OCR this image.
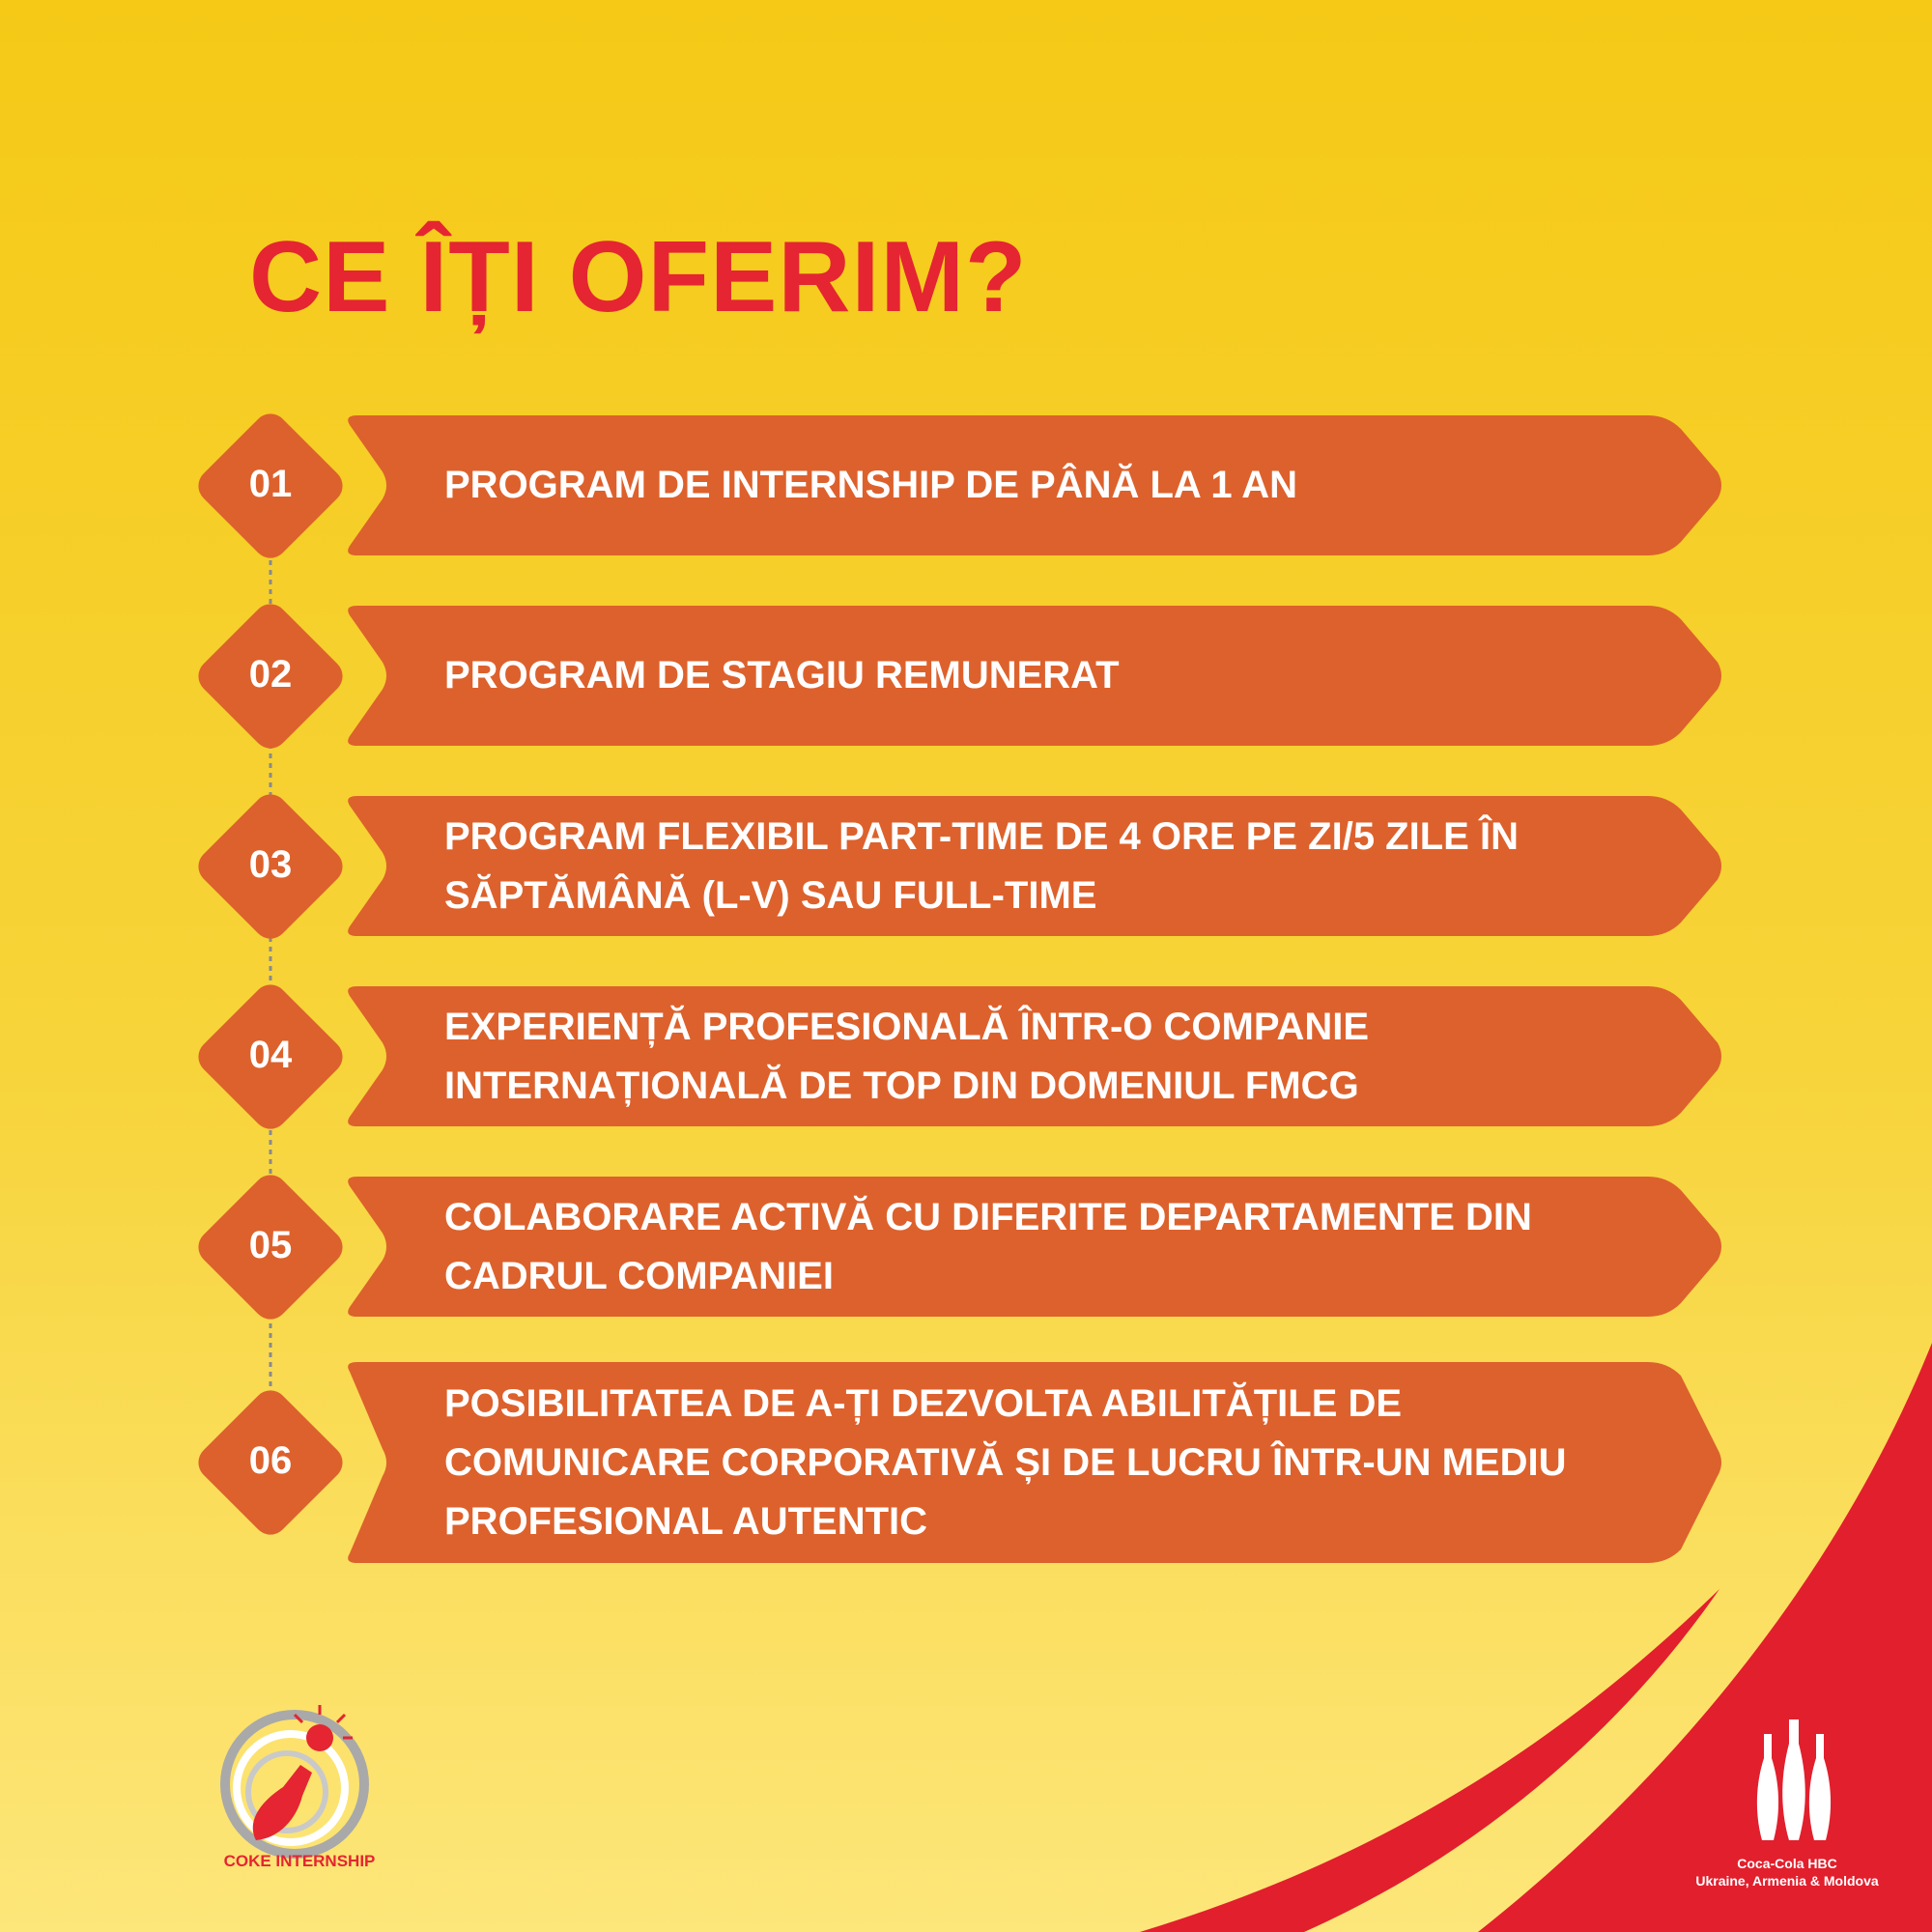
CE ÎȚI OFERIM?
01	PROGRAM DE INTERNSHIP DE PÂNĂ LA 1 AN
02	PROGRAM DE STAGIU REMUNERAT
03
PROGRAM FLEXIBIL PART-TIME DE 4 ORE PE ZI/5 ZILE ÎN
SĂPTĂMÂNĂ (L-V) SAU FULL-TIME
04
EXPERIENȚĂ PROFESIONALĂ ÎNTR-O COMPANIE
INTERNAȚIONALĂ DE TOP DIN DOMENIUL FMCG
05
COLABORARE ACTIVĂ CU DIFERITE DEPARTAMENTE DIN
CADRUL COMPANIEI
06
POSIBILITATEA DE A-ȚI DEZVOLTA ABILITĂȚILE DE
COMUNICARE CORPORATIVĂ ȘI DE LUCRU ÎNTR-UN MEDIU
PROFESIONAL AUTENTIC
COKE INTERNSHIP	Coca-Cola HBC
Ukraine, Armenia & Moldova
